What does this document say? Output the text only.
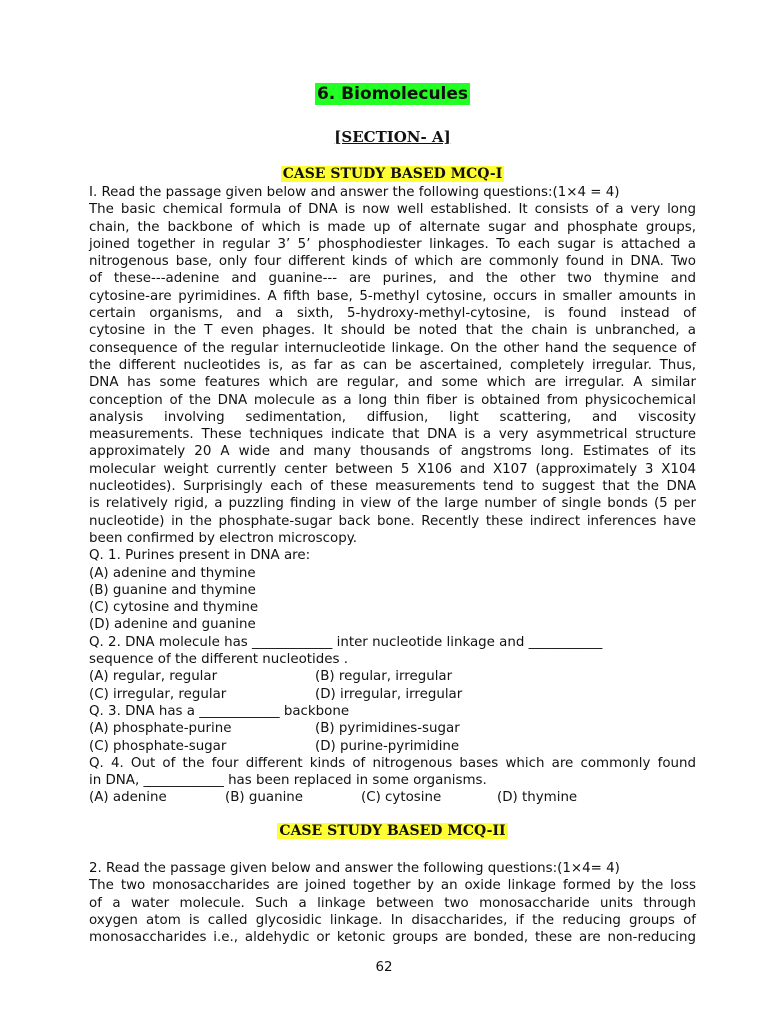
6. Biomolecules
[SECTION- A]
CASE STUDY BASED MCQ-I
I. Read the passage given below and answer the following questions:(1×4 = 4)
The basic chemical formula of DNA is now well established. It consists of a very long
chain, the backbone of which is made up of alternate sugar and phosphate groups,
joined together in regular 3’ 5’ phosphodiester linkages. To each sugar is attached a
nitrogenous base, only four different kinds of which are commonly found in DNA. Two
of these---adenine and guanine--- are purines, and the other two thymine and
cytosine-are pyrimidines. A fifth base, 5-methyl cytosine, occurs in smaller amounts in
certain organisms, and a sixth, 5-hydroxy-methyl-cytosine, is found instead of
cytosine in the T even phages. It should be noted that the chain is unbranched, a
consequence of the regular internucleotide linkage. On the other hand the sequence of
the different nucleotides is, as far as can be ascertained, completely irregular. Thus,
DNA has some features which are regular, and some which are irregular. A similar
conception of the DNA molecule as a long thin fiber is obtained from physicochemical
analysis involving sedimentation, diffusion, light scattering, and viscosity
measurements. These techniques indicate that DNA is a very asymmetrical structure
approximately 20 A wide and many thousands of angstroms long. Estimates of its
molecular weight currently center between 5 X106 and X107 (approximately 3 X104
nucleotides). Surprisingly each of these measurements tend to suggest that the DNA
is relatively rigid, a puzzling finding in view of the large number of single bonds (5 per
nucleotide) in the phosphate-sugar back bone. Recently these indirect inferences have
been confirmed by electron microscopy.
Q. 1. Purines present in DNA are:
(A) adenine and thymine
(B) guanine and thymine
(C) cytosine and thymine
(D) adenine and guanine
Q. 2. DNA molecule has ____________ inter nucleotide linkage and ___________
sequence of the different nucleotides .
(A) regular, regular	(B) regular, irregular
(C) irregular, regular	(D) irregular, irregular
Q. 3. DNA has a ____________ backbone
(A) phosphate-purine	(B) pyrimidines-sugar
(C) phosphate-sugar	(D) purine-pyrimidine
Q. 4. Out of the four different kinds of nitrogenous bases which are commonly found
in DNA, ____________ has been replaced in some organisms.
(A) adenine	(B) guanine	(C) cytosine	(D) thymine
CASE STUDY BASED MCQ-II
2. Read the passage given below and answer the following questions:(1×4= 4)
The two monosaccharides are joined together by an oxide linkage formed by the loss
of a water molecule. Such a linkage between two monosaccharide units through
oxygen atom is called glycosidic linkage. In disaccharides, if the reducing groups of
monosaccharides i.e., aldehydic or ketonic groups are bonded, these are non-reducing
62
